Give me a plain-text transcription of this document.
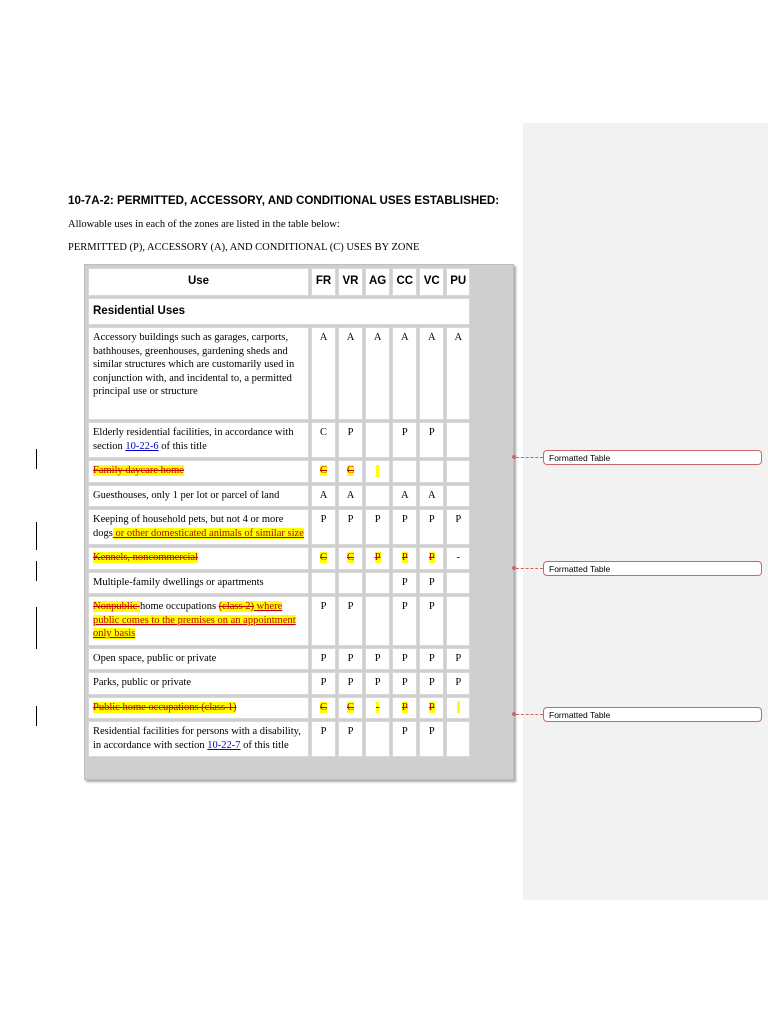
10-7A-2: PERMITTED, ACCESSORY, AND CONDITIONAL USES ESTABLISHED:
Allowable uses in each of the zones are listed in the table below:
PERMITTED (P), ACCESSORY (A), AND CONDITIONAL (C) USES BY ZONE
Use	FR	VR	AG	CC	VC	PU
Residential Uses						
Accessory buildings such as garages, carports, bathhouses, greenhouses, gardening sheds and similar structures which are customarily used in conjunction with, and incidental to, a permitted principal use or structure	A	A	A	A	A	A
Elderly residential facilities, in accordance with section 10-22-6 of this title	C	P		P	P	
Family daycare home	C	C				
Guesthouses, only 1 per lot or parcel of land	A	A		A	A	
Keeping of household pets, but not 4 or more dogs or other domesticated animals of similar size	P	P	P	P	P	P
Kennels, noncommercial	C	C	P	P	P	-
Multiple-family dwellings or apartments				P	P	
Nonpublic home occupations (class 2) where public comes to the premises on an appointment only basis	P	P		P	P	
Open space, public or private	P	P	P	P	P	P
Parks, public or private	P	P	P	P	P	P
Public home occupations (class 1)	C	C	-	P	P	
Residential facilities for persons with a disability, in accordance with section 10-22-7 of this title	P	P		P	P	
Formatted Table
Formatted Table
Formatted Table
